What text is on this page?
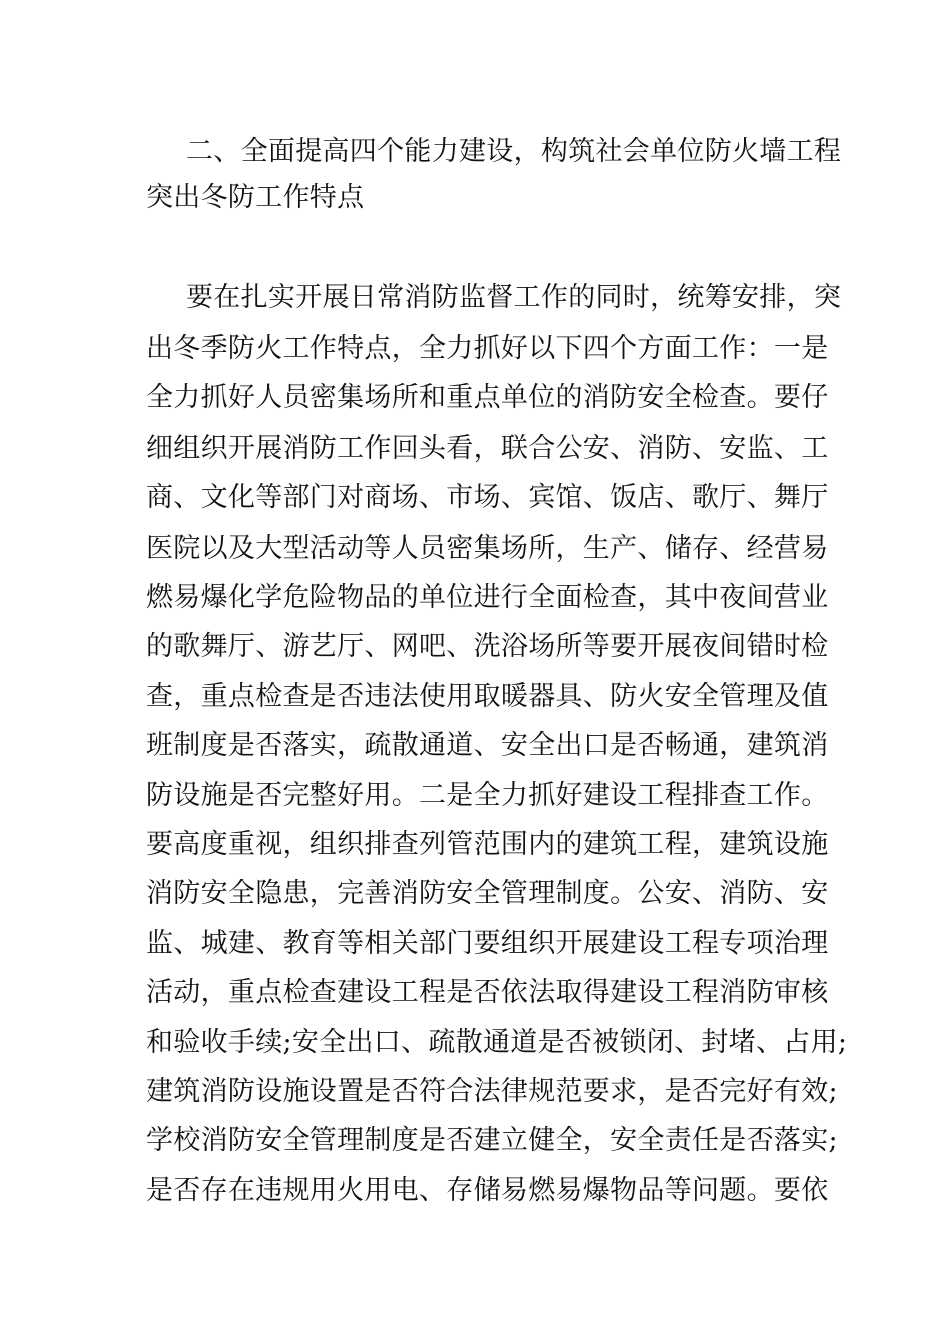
二、全面提高四个能力建设，构筑社会单位防火墙工程
突出冬防工作特点
要在扎实开展日常消防监督工作的同时，统筹安排，突
出冬季防火工作特点，全力抓好以下四个方面工作：一是
全力抓好人员密集场所和重点单位的消防安全检查。要仔
细组织开展消防工作回头看，联合公安、消防、安监、工
商、文化等部门对商场、市场、宾馆、饭店、歌厅、舞厅
医院以及大型活动等人员密集场所，生产、储存、经营易
燃易爆化学危险物品的单位进行全面检查，其中夜间营业
的歌舞厅、游艺厅、网吧、洗浴场所等要开展夜间错时检
查，重点检查是否违法使用取暖器具、防火安全管理及值
班制度是否落实，疏散通道、安全出口是否畅通，建筑消
防设施是否完整好用。二是全力抓好建设工程排查工作。
要高度重视，组织排查列管范围内的建筑工程，建筑设施
消防安全隐患，完善消防安全管理制度。公安、消防、安
监、城建、教育等相关部门要组织开展建设工程专项治理
活动，重点检查建设工程是否依法取得建设工程消防审核
和验收手续;安全出口、疏散通道是否被锁闭、封堵、占用;
建筑消防设施设置是否符合法律规范要求，是否完好有效;
学校消防安全管理制度是否建立健全，安全责任是否落实;
是否存在违规用火用电、存储易燃易爆物品等问题。要依
